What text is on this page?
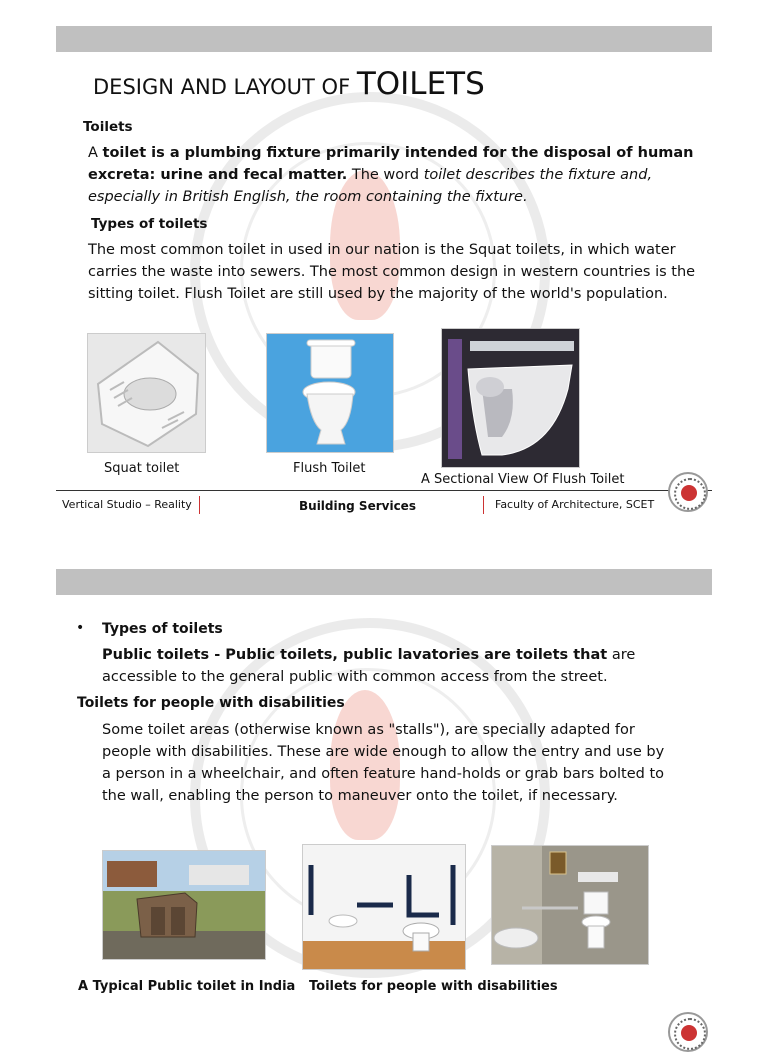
DESIGN AND LAYOUT OF TOILETS
Toilets
A toilet is a plumbing fixture primarily intended for the disposal of human excreta: urine and fecal matter. The word toilet describes the fixture and, especially in British English, the room containing the fixture.
Types of toilets
The most common toilet in used in our nation is the Squat toilets, in which water carries the waste into sewers. The most common design in western countries is the sitting toilet. Flush Toilet are still used by the majority of the world's population.
Squat toilet	Flush Toilet
A Sectional View Of Flush Toilet
Vertical Studio – Reality	Building Services	Faculty of Architecture, SCET
• Types of toilets
Public toilets - Public toilets, public lavatories are toilets that are accessible to the general public with common access from the street.
Toilets for people with disabilities
Some toilet areas (otherwise known as "stalls"), are specially adapted for people with disabilities. These are wide enough to allow the entry and use by a person in a wheelchair, and often feature hand-holds or grab bars bolted to the wall, enabling the person to maneuver onto the toilet, if necessary.
A Typical Public toilet in India Toilets for people with disabilities
